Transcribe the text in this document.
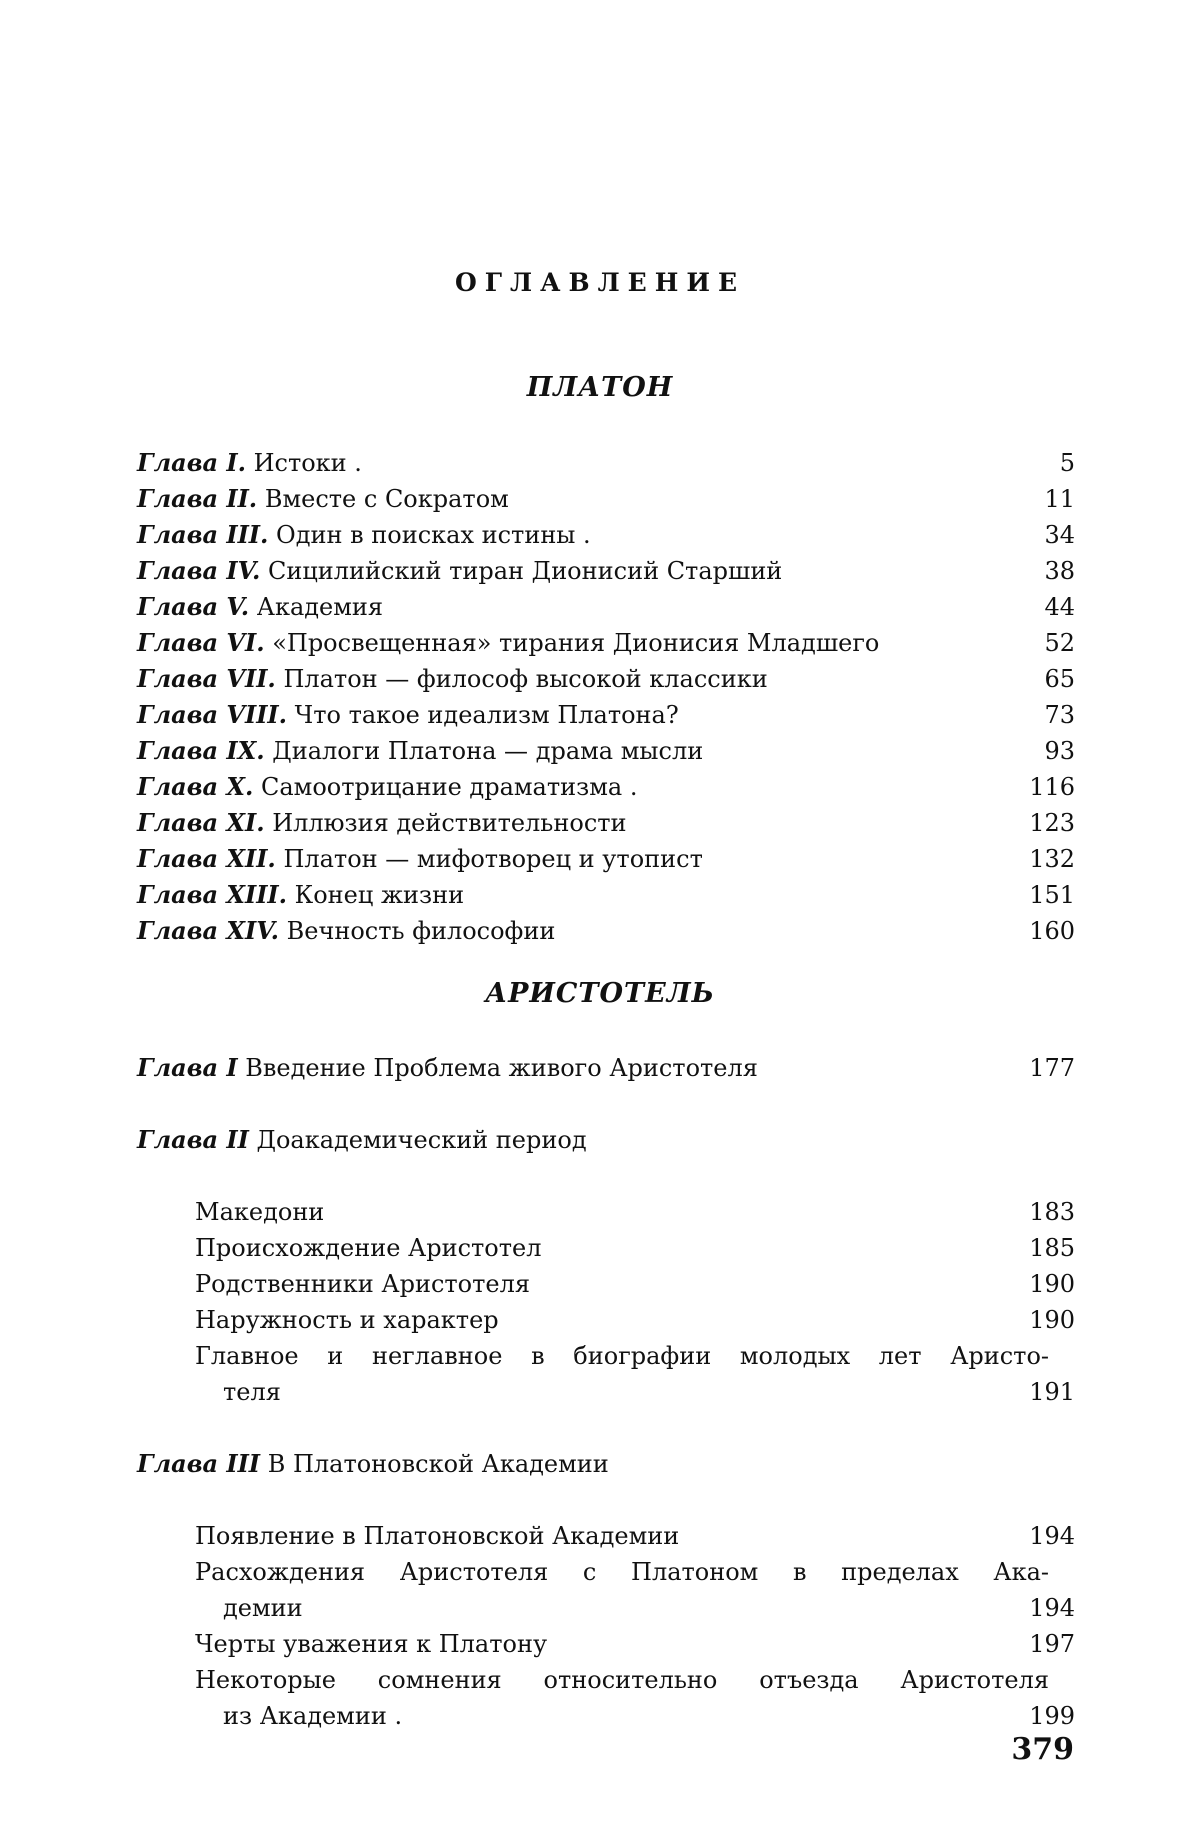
ОГЛАВЛЕНИЕ
ПЛАТОН
Глава I. Истоки .	5
Глава II. Вместе с Сократом	11
Глава III. Один в поисках истины .	34
Глава IV. Сицилийский тиран Дионисий Старший	38
Глава V. Академия	44
Глава VI. «Просвещенная» тирания Дионисия Младшего	52
Глава VII. Платон — философ высокой классики	65
Глава VIII. Что такое идеализм Платона?	73
Глава IX. Диалоги Платона — драма мысли	93
Глава X. Самоотрицание драматизма .	116
Глава XI. Иллюзия действительности	123
Глава XII. Платон — мифотворец и утопист	132
Глава XIII. Конец жизни	151
Глава XIV. Вечность философии	160
АРИСТОТЕЛЬ
Глава I Введение Проблема живого Аристотеля	177
Глава II Доакадемический период
Македони	183
Происхождение Аристотел	185
Родственники Аристотеля	190
Наружность и характер	190
Главное и неглавное в биографии молодых лет Аристо-
теля	191
Глава III В Платоновской Академии
Появление в Платоновской Академии	194
Расхождения Аристотеля с Платоном в пределах Ака-
демии	194
Черты уважения к Платону	197
Некоторые сомнения относительно отъезда Аристотеля
из Академии .	199
379
